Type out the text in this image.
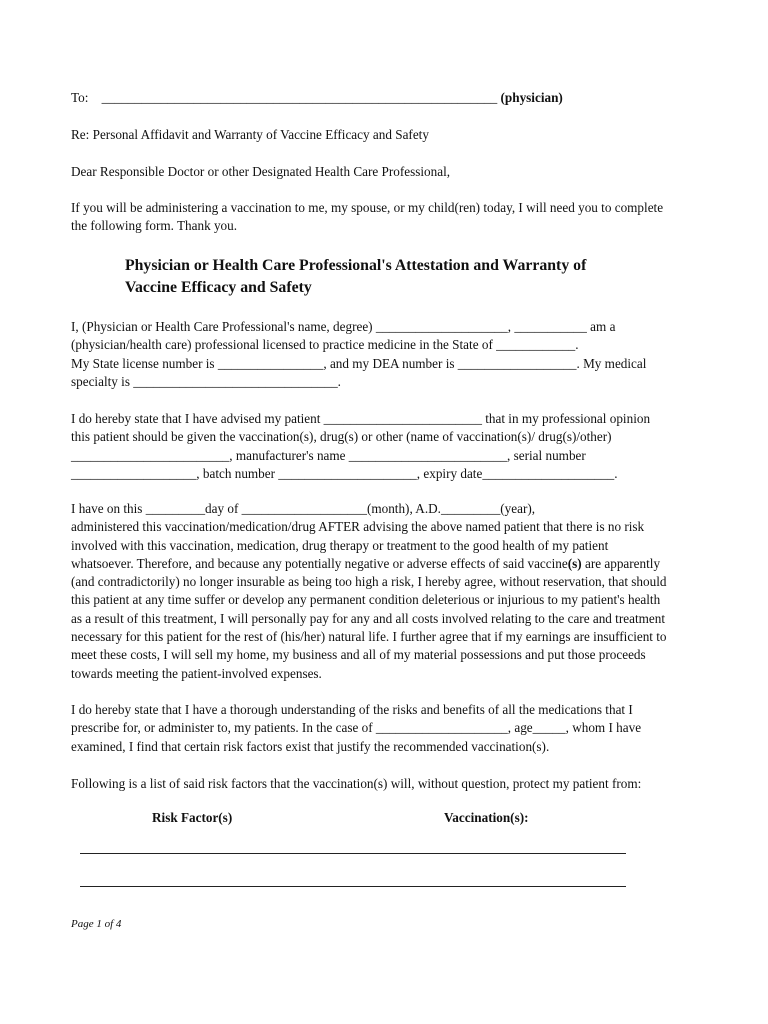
To: ____________________________________________________________ (physician)
Re: Personal Affidavit and Warranty of Vaccine Efficacy and Safety
Dear Responsible Doctor or other Designated Health Care Professional,
If you will be administering a vaccination to me, my spouse, or my child(ren) today, I will need you to complete
the following form. Thank you.
Physician or Health Care Professional's Attestation and Warranty of
Vaccine Efficacy and Safety
I, (Physician or Health Care Professional's name, degree) ____________________, ___________ am a
(physician/health care) professional licensed to practice medicine in the State of ____________.
My State license number is ________________, and my DEA number is __________________. My medical
specialty is _______________________________.
I do hereby state that I have advised my patient ________________________ that in my professional opinion
this patient should be given the vaccination(s), drug(s) or other (name of vaccination(s)/ drug(s)/other)
________________________, manufacturer's name ________________________, serial number
___________________, batch number _____________________, expiry date____________________.
I have on this _________day of ___________________(month), A.D._________(year),
administered this vaccination/medication/drug AFTER advising the above named patient that there is no risk
involved with this vaccination, medication, drug therapy or treatment to the good health of my patient
whatsoever. Therefore, and because any potentially negative or adverse effects of said vaccine(s) are apparently
(and contradictorily) no longer insurable as being too high a risk, I hereby agree, without reservation, that should
this patient at any time suffer or develop any permanent condition deleterious or injurious to my patient's health
as a result of this treatment, I will personally pay for any and all costs involved relating to the care and treatment
necessary for this patient for the rest of (his/her) natural life. I further agree that if my earnings are insufficient to
meet these costs, I will sell my home, my business and all of my material possessions and put those proceeds
towards meeting the patient-involved expenses.
I do hereby state that I have a thorough understanding of the risks and benefits of all the medications that I
prescribe for, or administer to, my patients. In the case of ____________________, age_____, whom I have
examined, I find that certain risk factors exist that justify the recommended vaccination(s).
Following is a list of said risk factors that the vaccination(s) will, without question, protect my patient from:
Risk Factor(s)	Vaccination(s):
Page 1 of 4
